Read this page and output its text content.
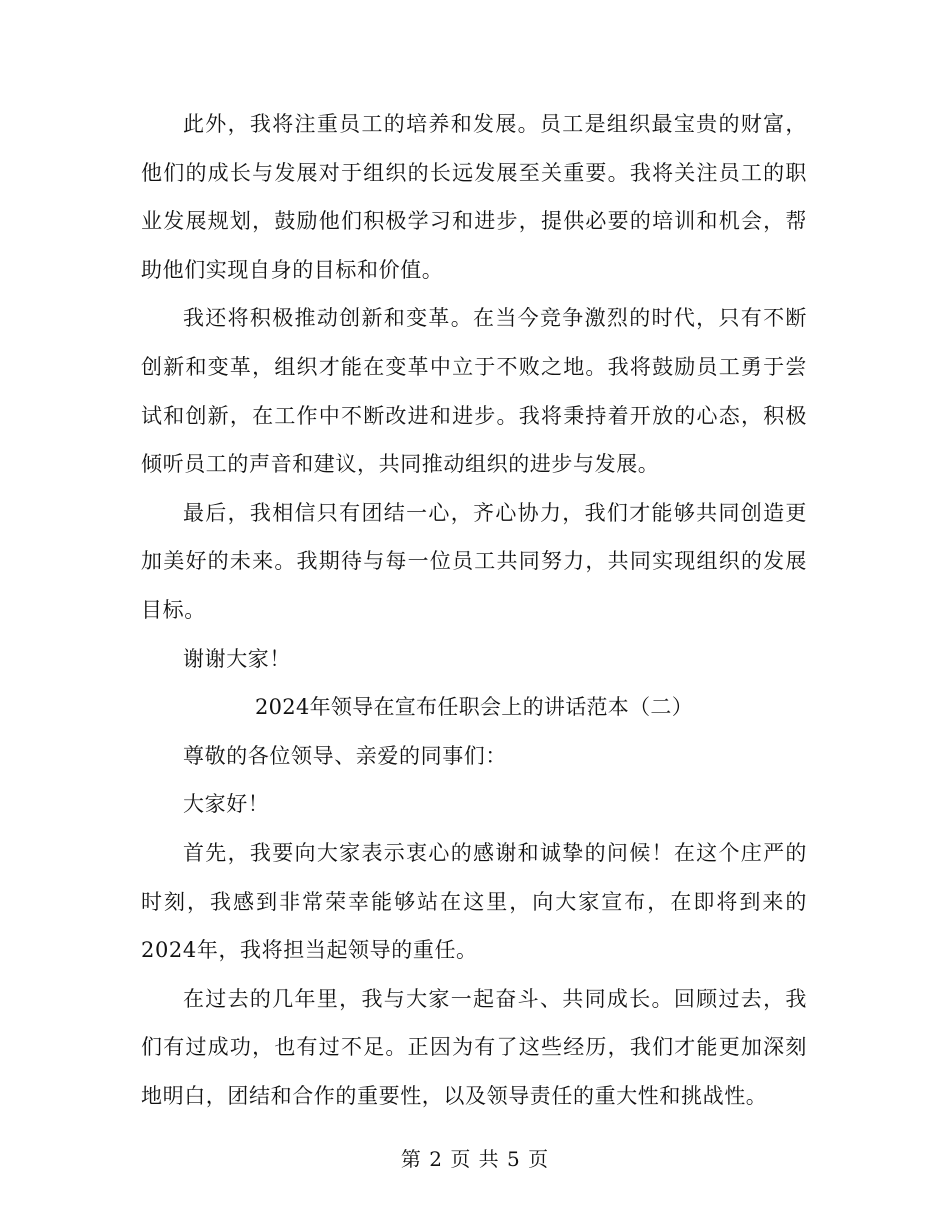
此外，我将注重员工的培养和发展。员工是组织最宝贵的财富，他们的成长与发展对于组织的长远发展至关重要。我将关注员工的职业发展规划，鼓励他们积极学习和进步，提供必要的培训和机会，帮助他们实现自身的目标和价值。

我还将积极推动创新和变革。在当今竞争激烈的时代，只有不断创新和变革，组织才能在变革中立于不败之地。我将鼓励员工勇于尝试和创新，在工作中不断改进和进步。我将秉持着开放的心态，积极倾听员工的声音和建议，共同推动组织的进步与发展。

最后，我相信只有团结一心，齐心协力，我们才能够共同创造更加美好的未来。我期待与每一位员工共同努力，共同实现组织的发展目标。

谢谢大家！

2024年领导在宣布任职会上的讲话范本（二）

尊敬的各位领导、亲爱的同事们：

大家好！

首先，我要向大家表示衷心的感谢和诚挚的问候！在这个庄严的时刻，我感到非常荣幸能够站在这里，向大家宣布，在即将到来的2024年，我将担当起领导的重任。

在过去的几年里，我与大家一起奋斗、共同成长。回顾过去，我们有过成功，也有过不足。正因为有了这些经历，我们才能更加深刻地明白，团结和合作的重要性，以及领导责任的重大性和挑战性。

第 2 页 共 5 页
